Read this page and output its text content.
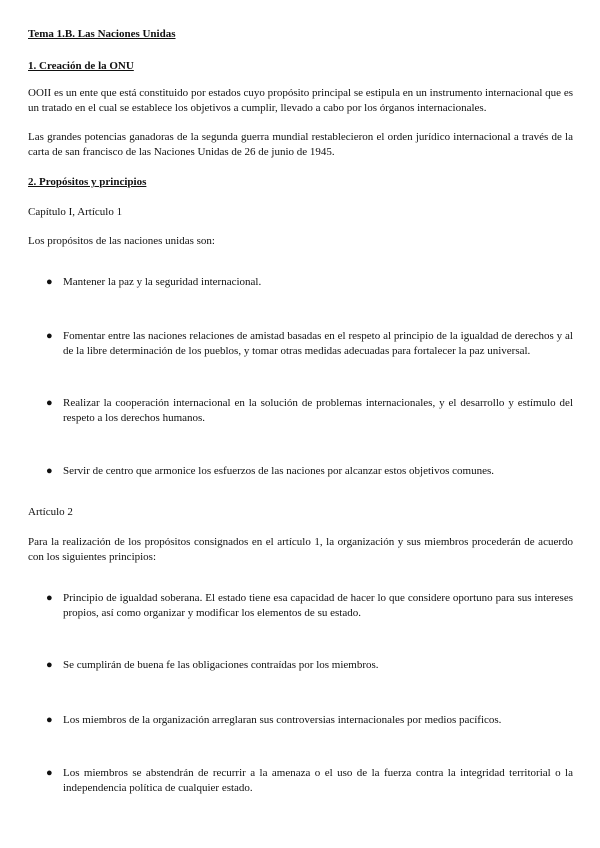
Tema 1.B. Las Naciones Unidas
1. Creación de la ONU
OOII es un ente que está constituido por estados cuyo propósito principal se estipula en un instrumento internacional que es un tratado en el cual se establece los objetivos a cumplir, llevado a cabo por los órganos internacionales.
Las grandes potencias ganadoras de la segunda guerra mundial restablecieron el orden jurídico internacional a través de la carta de san francisco de las Naciones Unidas de 26 de junio de 1945.
2. Propósitos y principios
Capítulo I, Artículo 1
Los propósitos de las naciones unidas son:
● Mantener la paz y la seguridad internacional.
● Fomentar entre las naciones relaciones de amistad basadas en el respeto al principio de la igualdad de derechos y al de la libre determinación de los pueblos, y tomar otras medidas adecuadas para fortalecer la paz universal.
● Realizar la cooperación internacional en la solución de problemas internacionales, y el desarrollo y estímulo del respeto a los derechos humanos.
● Servir de centro que armonice los esfuerzos de las naciones por alcanzar estos objetivos comunes.
Artículo 2
Para la realización de los propósitos consignados en el artículo 1, la organización y sus miembros procederán de acuerdo con los siguientes principios:
● Principio de igualdad soberana. El estado tiene esa capacidad de hacer lo que considere oportuno para sus intereses propios, así como organizar y modificar los elementos de su estado.
● Se cumplirán de buena fe las obligaciones contraídas por los miembros.
● Los miembros de la organización arreglaran sus controversias internacionales por medios pacíficos.
● Los miembros se abstendrán de recurrir a la amenaza o el uso de la fuerza contra la integridad territorial o la independencia política de cualquier estado.
